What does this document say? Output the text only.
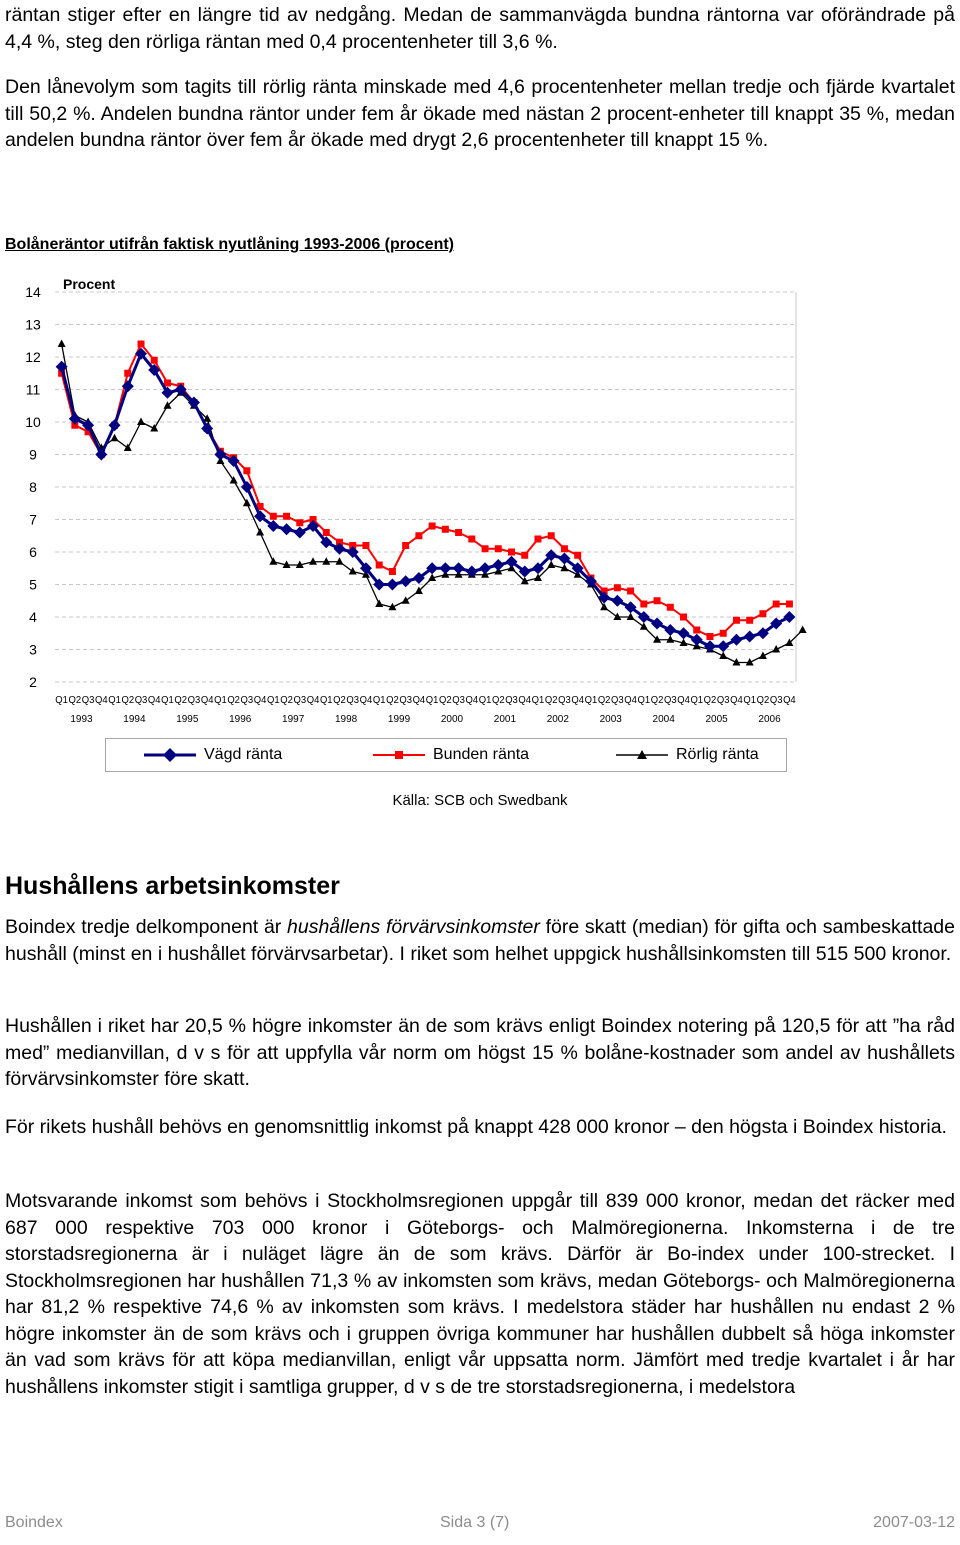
räntan stiger efter en längre tid av nedgång. Medan de sammanvägda bundna räntorna var oförändrade på 4,4 %, steg den rörliga räntan med 0,4 procentenheter till 3,6 %.

Den lånevolym som tagits till rörlig ränta minskade med 4,6 procentenheter mellan tredje och fjärde kvartalet till 50,2 %. Andelen bundna räntor under fem år ökade med nästan 2 procent-enheter till knappt 35 %, medan andelen bundna räntor över fem år ökade med drygt 2,6 procentenheter till knappt 15 %.

Bolåneräntor utifrån faktisk nyutlåning 1993-2006 (procent)

14
13
12
11
10
9
8
7
6
5
4
3
2
Procent
Q1 Q2 Q3 Q4 Q1 Q2 Q3 Q4 Q1 Q2 Q3 Q4 Q1 Q2 Q3 Q4 Q1 Q2 Q3 Q4 Q1 Q2 Q3 Q4 Q1 Q2 Q3 Q4 Q1 Q2 Q3 Q4 Q1 Q2 Q3 Q4 Q1 Q2 Q3 Q4 Q1 Q2 Q3 Q4 Q1 Q2 Q3 Q4 Q1 Q2 Q3 Q4 Q1 Q2 Q3 Q4
1993	1994	1995	1996	1997	1998	1999	2000	2001	2002	2003	2004	2005	2006
Vägd ränta	Bunden ränta	Rörlig ränta
Källa: SCB och Swedbank
Hushållens arbetsinkomster

Boindex tredje delkomponent är hushållens förvärvsinkomster före skatt (median) för gifta och sambeskattade hushåll (minst en i hushållet förvärvsarbetar). I riket som helhet uppgick hushållsinkomsten till 515 500 kronor.

Hushållen i riket har 20,5 % högre inkomster än de som krävs enligt Boindex notering på 120,5 för att ”ha råd med” medianvillan, d v s för att uppfylla vår norm om högst 15 % bolåne-kostnader som andel av hushållets förvärvsinkomster före skatt.

För rikets hushåll behövs en genomsnittlig inkomst på knappt 428 000 kronor – den högsta i Boindex historia.

Motsvarande inkomst som behövs i Stockholmsregionen uppgår till 839 000 kronor, medan det räcker med 687 000 respektive 703 000 kronor i Göteborgs- och Malmöregionerna. Inkomsterna i de tre storstadsregionerna är i nuläget lägre än de som krävs. Därför är Bo-index under 100-strecket. I Stockholmsregionen har hushållen 71,3 % av inkomsten som krävs, medan Göteborgs- och Malmöregionerna har 81,2 % respektive 74,6 % av inkomsten som krävs. I medelstora städer har hushållen nu endast 2 % högre inkomster än de som krävs och i gruppen övriga kommuner har hushållen dubbelt så höga inkomster än vad som krävs för att köpa medianvillan, enligt vår uppsatta norm. Jämfört med tredje kvartalet i år har hushållens inkomster stigit i samtliga grupper, d v s de tre storstadsregionerna, i medelstora

Boindex	Sida 3 (7)	2007-03-12
